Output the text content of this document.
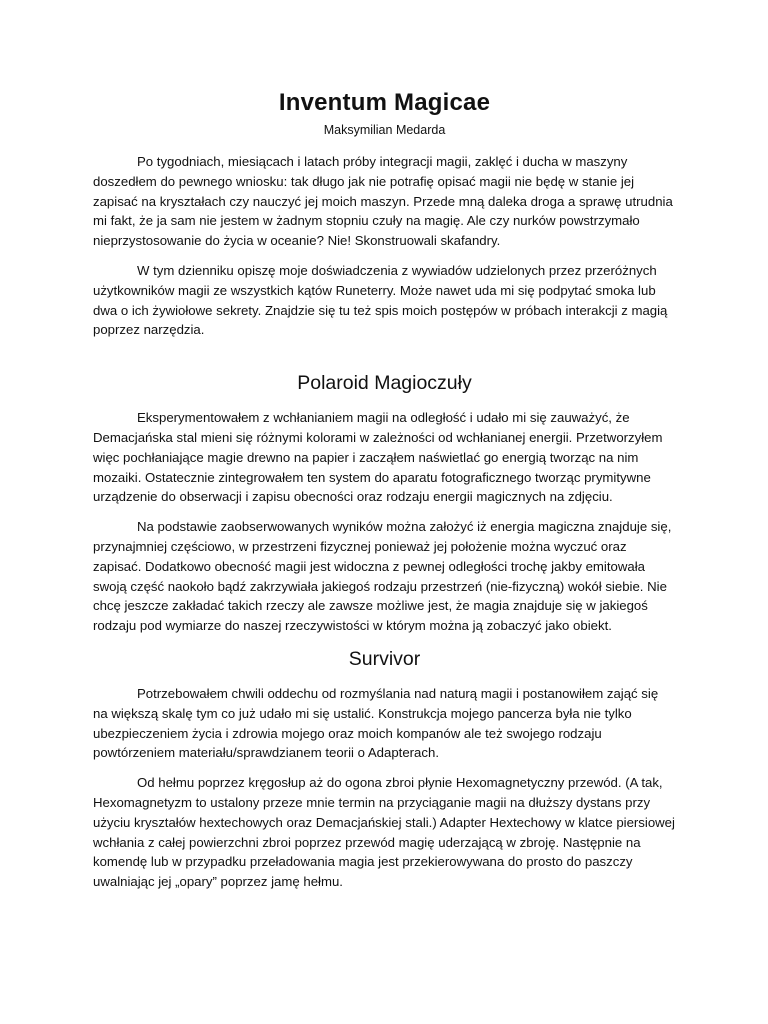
Inventum Magicae
Maksymilian Medarda

Po tygodniach, miesiącach i latach próby integracji magii, zaklęć i ducha w maszyny doszedłem do pewnego wniosku: tak długo jak nie potrafię opisać magii nie będę w stanie jej zapisać na kryształach czy nauczyć jej moich maszyn. Przede mną daleka droga a sprawę utrudnia mi fakt, że ja sam nie jestem w żadnym stopniu czuły na magię. Ale czy nurków powstrzymało nieprzystosowanie do życia w oceanie? Nie! Skonstruowali skafandry.

W tym dzienniku opiszę moje doświadczenia z wywiadów udzielonych przez przeróżnych użytkowników magii ze wszystkich kątów Runeterry. Może nawet uda mi się podpytać smoka lub dwa o ich żywiołowe sekrety. Znajdzie się tu też spis moich postępów w próbach interakcji z magią poprzez narzędzia.

Polaroid Magioczuły

Eksperymentowałem z wchłanianiem magii na odległość i udało mi się zauważyć, że Demacjańska stal mieni się różnymi kolorami w zależności od wchłanianej energii. Przetworzyłem więc pochłaniające magie drewno na papier i zacząłem naświetlać go energią tworząc na nim mozaiki. Ostatecznie zintegrowałem ten system do aparatu fotograficznego tworząc prymitywne urządzenie do obserwacji i zapisu obecności oraz rodzaju energii magicznych na zdjęciu.

Na podstawie zaobserwowanych wyników można założyć iż energia magiczna znajduje się, przynajmniej częściowo, w przestrzeni fizycznej ponieważ jej położenie można wyczuć oraz zapisać. Dodatkowo obecność magii jest widoczna z pewnej odległości trochę jakby emitowała swoją część naokoło bądź zakrzywiała jakiegoś rodzaju przestrzeń (nie-fizyczną) wokół siebie. Nie chcę jeszcze zakładać takich rzeczy ale zawsze możliwe jest, że magia znajduje się w jakiegoś rodzaju pod wymiarze do naszej rzeczywistości w którym można ją zobaczyć jako obiekt.

Survivor

Potrzebowałem chwili oddechu od rozmyślania nad naturą magii i postanowiłem zająć się na większą skalę tym co już udało mi się ustalić. Konstrukcja mojego pancerza była nie tylko ubezpieczeniem życia i zdrowia mojego oraz moich kompanów ale też swojego rodzaju powtórzeniem materiału/sprawdzianem teorii o Adapterach.

Od hełmu poprzez kręgosłup aż do ogona zbroi płynie Hexomagnetyczny przewód. (A tak, Hexomagnetyzm to ustalony przeze mnie termin na przyciąganie magii na dłuższy dystans przy użyciu kryształów hextechowych oraz Demacjańskiej stali.) Adapter Hextechowy w klatce piersiowej wchłania z całej powierzchni zbroi poprzez przewód magię uderzającą w zbroję. Następnie na komendę lub w przypadku przeładowania magia jest przekierowywana do prosto do paszczy uwalniając jej „opary” poprzez jamę hełmu.
